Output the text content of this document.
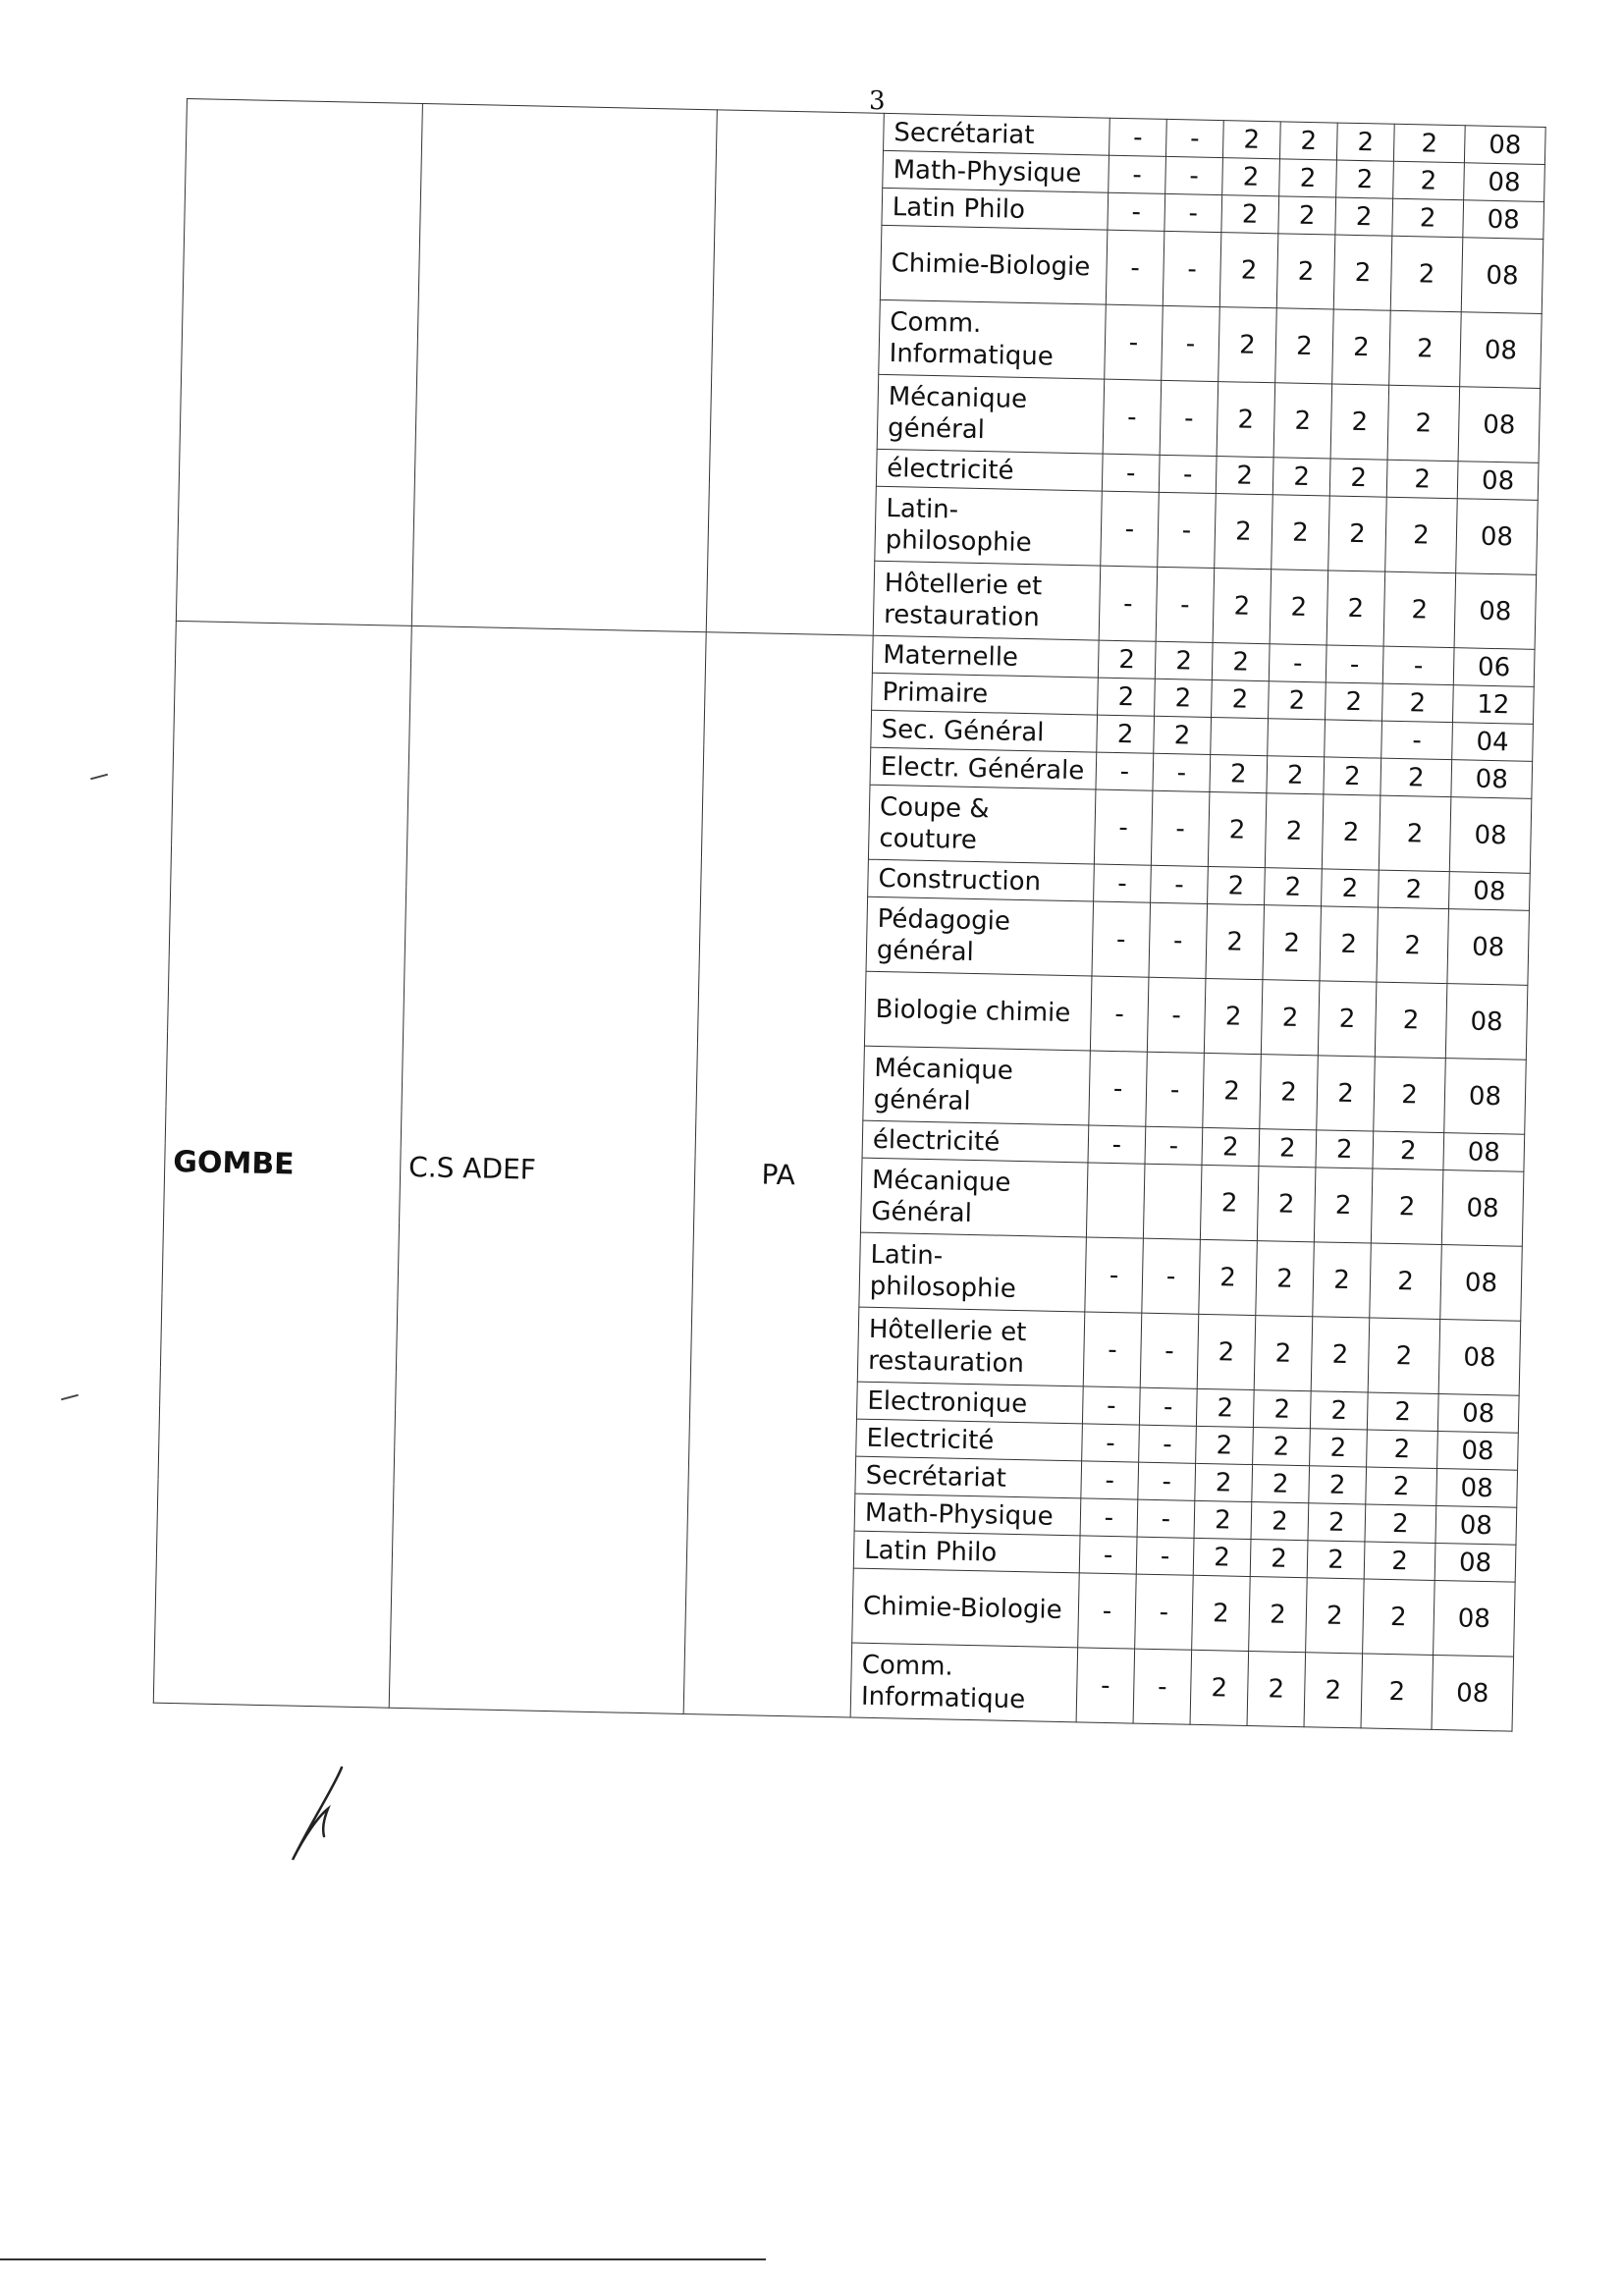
3
			Secrétariat	-	-	2	2	2	2	08
			Math-Physique	-	-	2	2	2	2	08
			Latin Philo	-	-	2	2	2	2	08
			Chimie-Biologie	-	-	2	2	2	2	08
			Comm. Informatique	-	-	2	2	2	2	08
			Mécanique général	-	-	2	2	2	2	08
			électricité	-	-	2	2	2	2	08
			Latin-philosophie	-	-	2	2	2	2	08
			Hôtellerie et restauration	-	-	2	2	2	2	08
GOMBE	C.S ADEF	PA	Maternelle	2	2	2	-	-	-	06
			Primaire	2	2	2	2	2	2	12
			Sec. Général	2	2				-	04
			Electr. Générale	-	-	2	2	2	2	08
			Coupe & couture	-	-	2	2	2	2	08
			Construction	-	-	2	2	2	2	08
			Pédagogie général	-	-	2	2	2	2	08
			Biologie chimie	-	-	2	2	2	2	08
			Mécanique général	-	-	2	2	2	2	08
			électricité	-	-	2	2	2	2	08
			Mécanique Général			2	2	2	2	08
			Latin-philosophie	-	-	2	2	2	2	08
			Hôtellerie et restauration	-	-	2	2	2	2	08
			Electronique	-	-	2	2	2	2	08
			Electricité	-	-	2	2	2	2	08
			Secrétariat	-	-	2	2	2	2	08
			Math-Physique	-	-	2	2	2	2	08
			Latin Philo	-	-	2	2	2	2	08
			Chimie-Biologie	-	-	2	2	2	2	08
			Comm. Informatique	-	-	2	2	2	2	08
